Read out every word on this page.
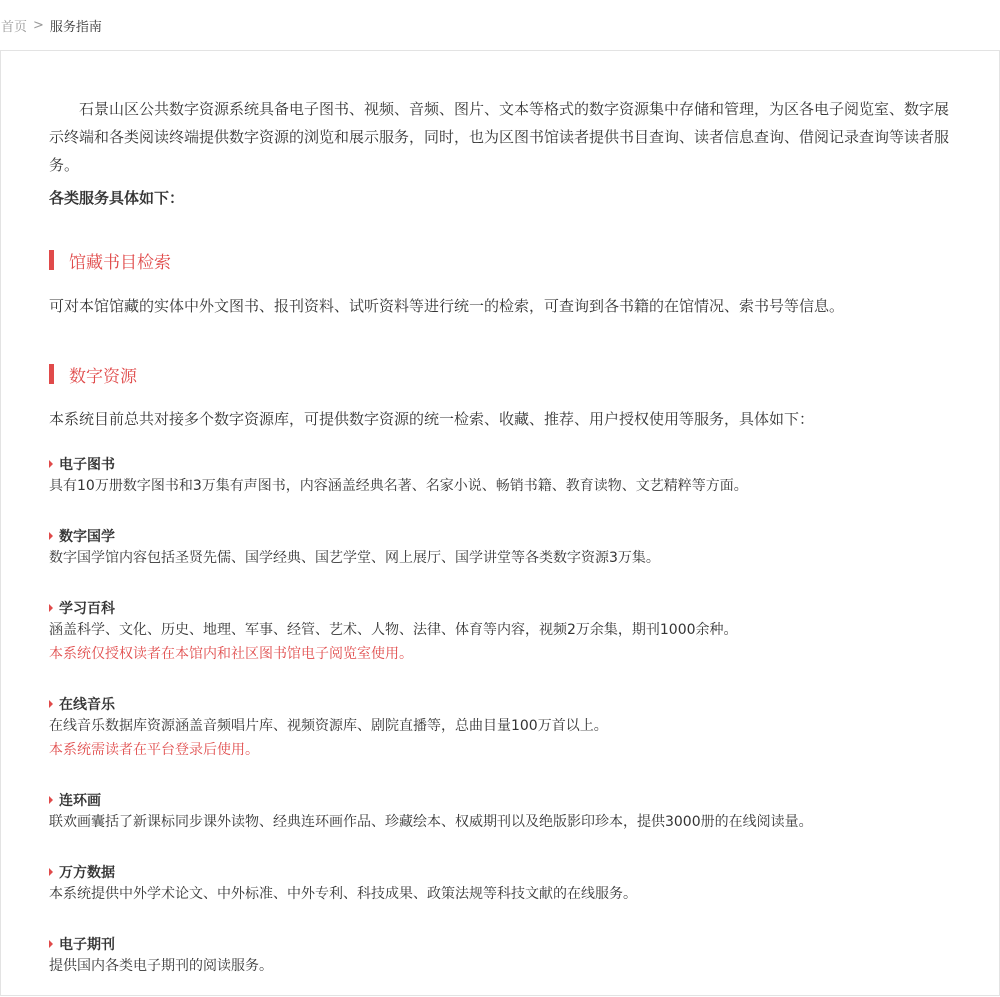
首页 > 服务指南

石景山区公共数字资源系统具备电子图书、视频、音频、图片、文本等格式的数字资源集中存储和管理，为区各电子阅览室、数字展示终端和各类阅读终端提供数字资源的浏览和展示服务，同时，也为区图书馆读者提供书目查询、读者信息查询、借阅记录查询等读者服务。

各类服务具体如下：
馆藏书目检索
可对本馆馆藏的实体中外文图书、报刊资料、试听资料等进行统一的检索，可查询到各书籍的在馆情况、索书号等信息。
数字资源
本系统目前总共对接多个数字资源库，可提供数字资源的统一检索、收藏、推荐、用户授权使用等服务，具体如下：
电子图书
具有10万册数字图书和3万集有声图书，内容涵盖经典名著、名家小说、畅销书籍、教育读物、文艺精粹等方面。
数字国学
数字国学馆内容包括圣贤先儒、国学经典、国艺学堂、网上展厅、国学讲堂等各类数字资源3万集。
学习百科
涵盖科学、文化、历史、地理、军事、经管、艺术、人物、法律、体育等内容，视频2万余集，期刊1000余种。
本系统仅授权读者在本馆内和社区图书馆电子阅览室使用。
在线音乐
在线音乐数据库资源涵盖音频唱片库、视频资源库、剧院直播等，总曲目量100万首以上。
本系统需读者在平台登录后使用。
连环画
联欢画囊括了新课标同步课外读物、经典连环画作品、珍藏绘本、权威期刊以及绝版影印珍本，提供3000册的在线阅读量。
万方数据
本系统提供中外学术论文、中外标准、中外专利、科技成果、政策法规等科技文献的在线服务。
电子期刊
提供国内各类电子期刊的阅读服务。
